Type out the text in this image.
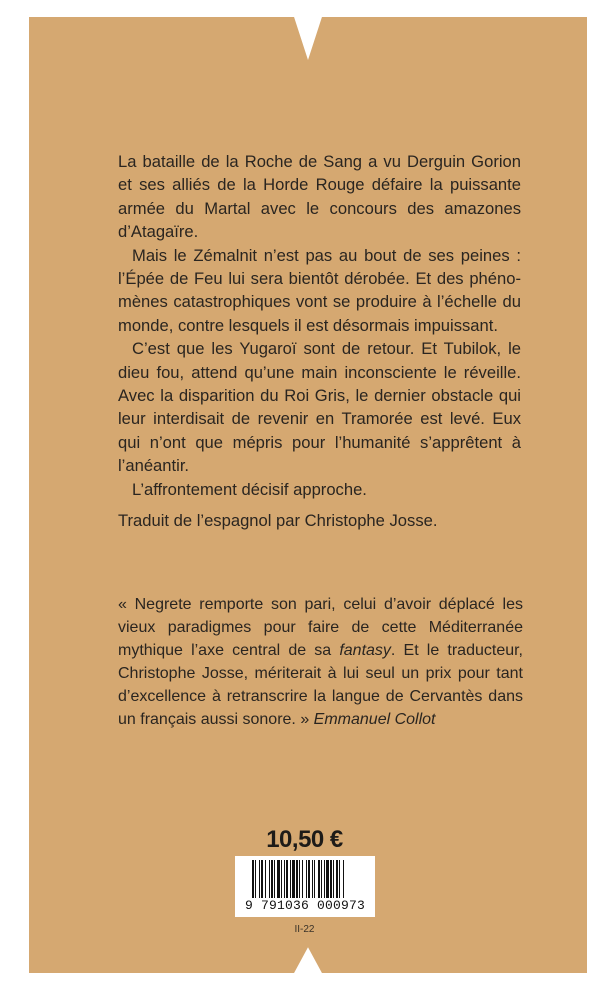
La bataille de la Roche de Sang a vu Derguin Gorion et ses alliés de la Horde Rouge défaire la puissante armée du Martal avec le concours des amazones d’Atagaïre.

Mais le Zémalnit n’est pas au bout de ses peines : l’Épée de Feu lui sera bientôt dérobée. Et des phéno-mènes catastrophiques vont se produire à l’échelle du monde, contre lesquels il est désormais impuissant.

C’est que les Yugaroï sont de retour. Et Tubilok, le dieu fou, attend qu’une main inconsciente le réveille. Avec la disparition du Roi Gris, le dernier obstacle qui leur interdisait de revenir en Tramorée est levé. Eux qui n’ont que mépris pour l’humanité s’apprêtent à l’anéantir.

L’affrontement décisif approche.

Traduit de l’espagnol par Christophe Josse.

« Negrete remporte son pari, celui d’avoir déplacé les vieux paradigmes pour faire de cette Méditerranée mythique l’axe central de sa fantasy. Et le traducteur, Christophe Josse, mériterait à lui seul un prix pour tant d’excellence à retranscrire la langue de Cervantès dans un français aussi sonore. » Emmanuel Collot
10,50 €
9 791036 000973
II-22
